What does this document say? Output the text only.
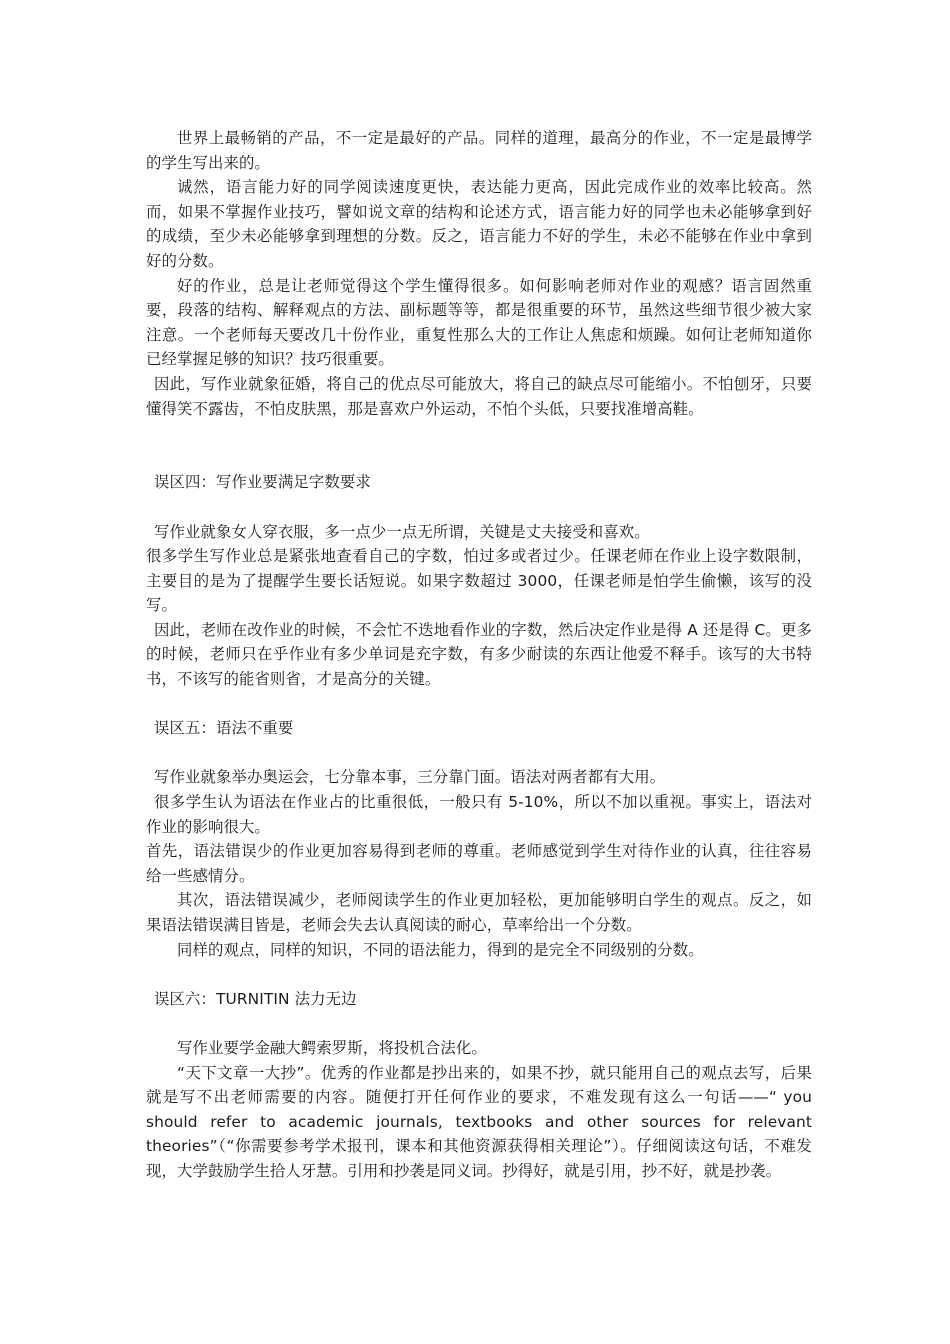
世界上最畅销的产品，不一定是最好的产品。同样的道理，最高分的作业，不一定是最博学的学生写出来的。

诚然，语言能力好的同学阅读速度更快，表达能力更高，因此完成作业的效率比较高。然而，如果不掌握作业技巧，譬如说文章的结构和论述方式，语言能力好的同学也未必能够拿到好的成绩，至少未必能够拿到理想的分数。反之，语言能力不好的学生，未必不能够在作业中拿到好的分数。

好的作业，总是让老师觉得这个学生懂得很多。如何影响老师对作业的观感？语言固然重要，段落的结构、解释观点的方法、副标题等等，都是很重要的环节，虽然这些细节很少被大家注意。一个老师每天要改几十份作业，重复性那么大的工作让人焦虑和烦躁。如何让老师知道你已经掌握足够的知识？技巧很重要。

因此，写作业就象征婚，将自己的优点尽可能放大，将自己的缺点尽可能缩小。不怕刨牙，只要懂得笑不露齿，不怕皮肤黑，那是喜欢户外运动，不怕个头低，只要找准增高鞋。

误区四：写作业要满足字数要求

写作业就象女人穿衣服，多一点少一点无所谓，关键是丈夫接受和喜欢。

很多学生写作业总是紧张地查看自己的字数，怕过多或者过少。任课老师在作业上设字数限制，主要目的是为了提醒学生要长话短说。如果字数超过 3000，任课老师是怕学生偷懒，该写的没写。

因此，老师在改作业的时候，不会忙不迭地看作业的字数，然后决定作业是得 A 还是得 C。更多的时候，老师只在乎作业有多少单词是充字数，有多少耐读的东西让他爱不释手。该写的大书特书，不该写的能省则省，才是高分的关键。

误区五：语法不重要

写作业就象举办奥运会，七分靠本事，三分靠门面。语法对两者都有大用。

很多学生认为语法在作业占的比重很低，一般只有 5-10%，所以不加以重视。事实上，语法对作业的影响很大。

首先，语法错误少的作业更加容易得到老师的尊重。老师感觉到学生对待作业的认真，往往容易给一些感情分。

其次，语法错误减少，老师阅读学生的作业更加轻松，更加能够明白学生的观点。反之，如果语法错误满目皆是，老师会失去认真阅读的耐心，草率给出一个分数。

同样的观点，同样的知识，不同的语法能力，得到的是完全不同级别的分数。

误区六：TURNITIN 法力无边

写作业要学金融大鳄索罗斯，将投机合法化。

“天下文章一大抄”。优秀的作业都是抄出来的，如果不抄，就只能用自己的观点去写，后果就是写不出老师需要的内容。随便打开任何作业的要求，不难发现有这么一句话——“ you should refer to academic journals, textbooks and other sources for relevant theories”（“你需要参考学术报刊，课本和其他资源获得相关理论”）。仔细阅读这句话，不难发现，大学鼓励学生拾人牙慧。引用和抄袭是同义词。抄得好，就是引用，抄不好，就是抄袭。
